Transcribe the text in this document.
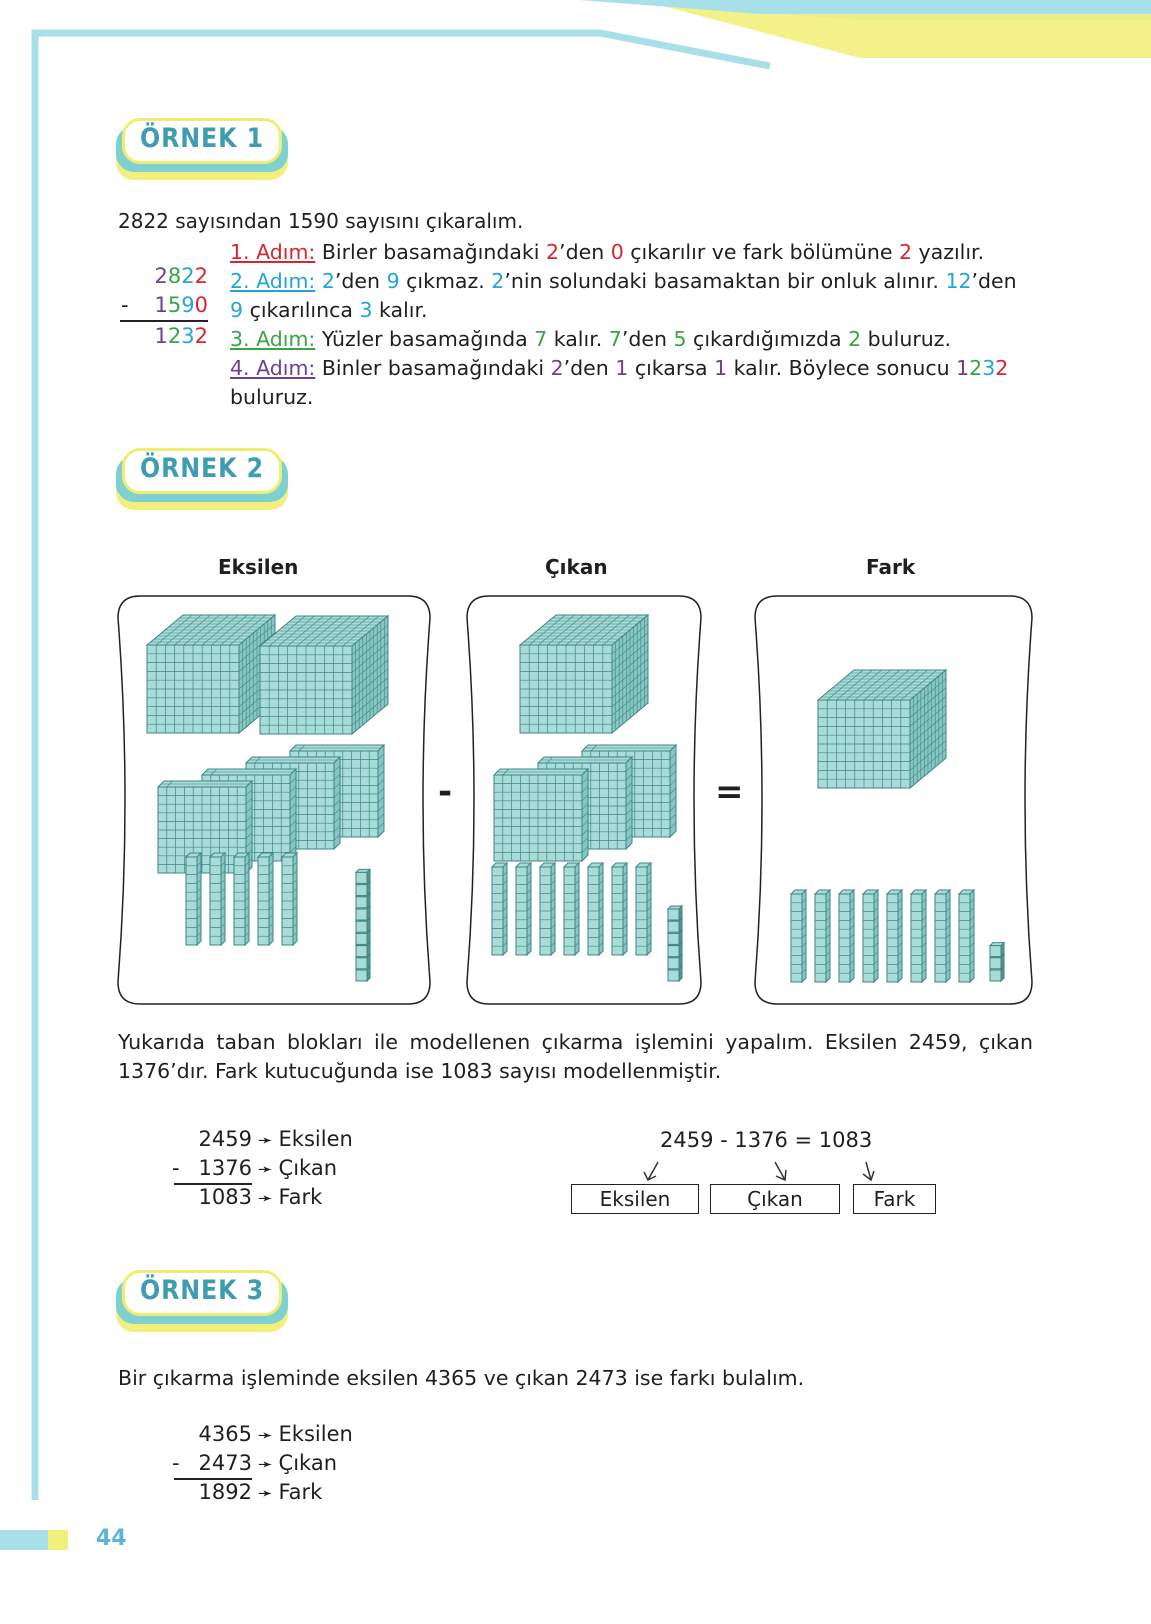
44
ÖRNEK 1
2822 sayısından 1590 sayısını çıkaralım.
2822
- 1590
1232
1. Adım: Birler basamağındaki 2’den 0 çıkarılır ve fark bölümüne 2 yazılır.
2. Adım: 2’den 9 çıkmaz. 2’nin solundaki basamaktan bir onluk alınır. 12’den 9 çıkarılınca 3 kalır.
3. Adım: Yüzler basamağında 7 kalır. 7’den 5 çıkardığımızda 2 buluruz.
4. Adım: Binler basamağındaki 2’den 1 çıkarsa 1 kalır. Böylece sonucu 1232 buluruz.
ÖRNEK 2
Eksilen	Çıkan	Fark
-	=
Yukarıda taban blokları ile modellenen çıkarma işlemini yapalım. Eksilen 2459, çıkan 1376’dır. Fark kutucuğunda ise 1083 sayısı modellenmiştir.
2459 ➛ Eksilen
- 1376 ➛ Çıkan
1083 ➛ Fark
2459 - 1376 = 1083
Eksilen	Çıkan	Fark
ÖRNEK 3
Bir çıkarma işleminde eksilen 4365 ve çıkan 2473 ise farkı bulalım.
4365 ➛ Eksilen
- 2473 ➛ Çıkan
1892 ➛ Fark
